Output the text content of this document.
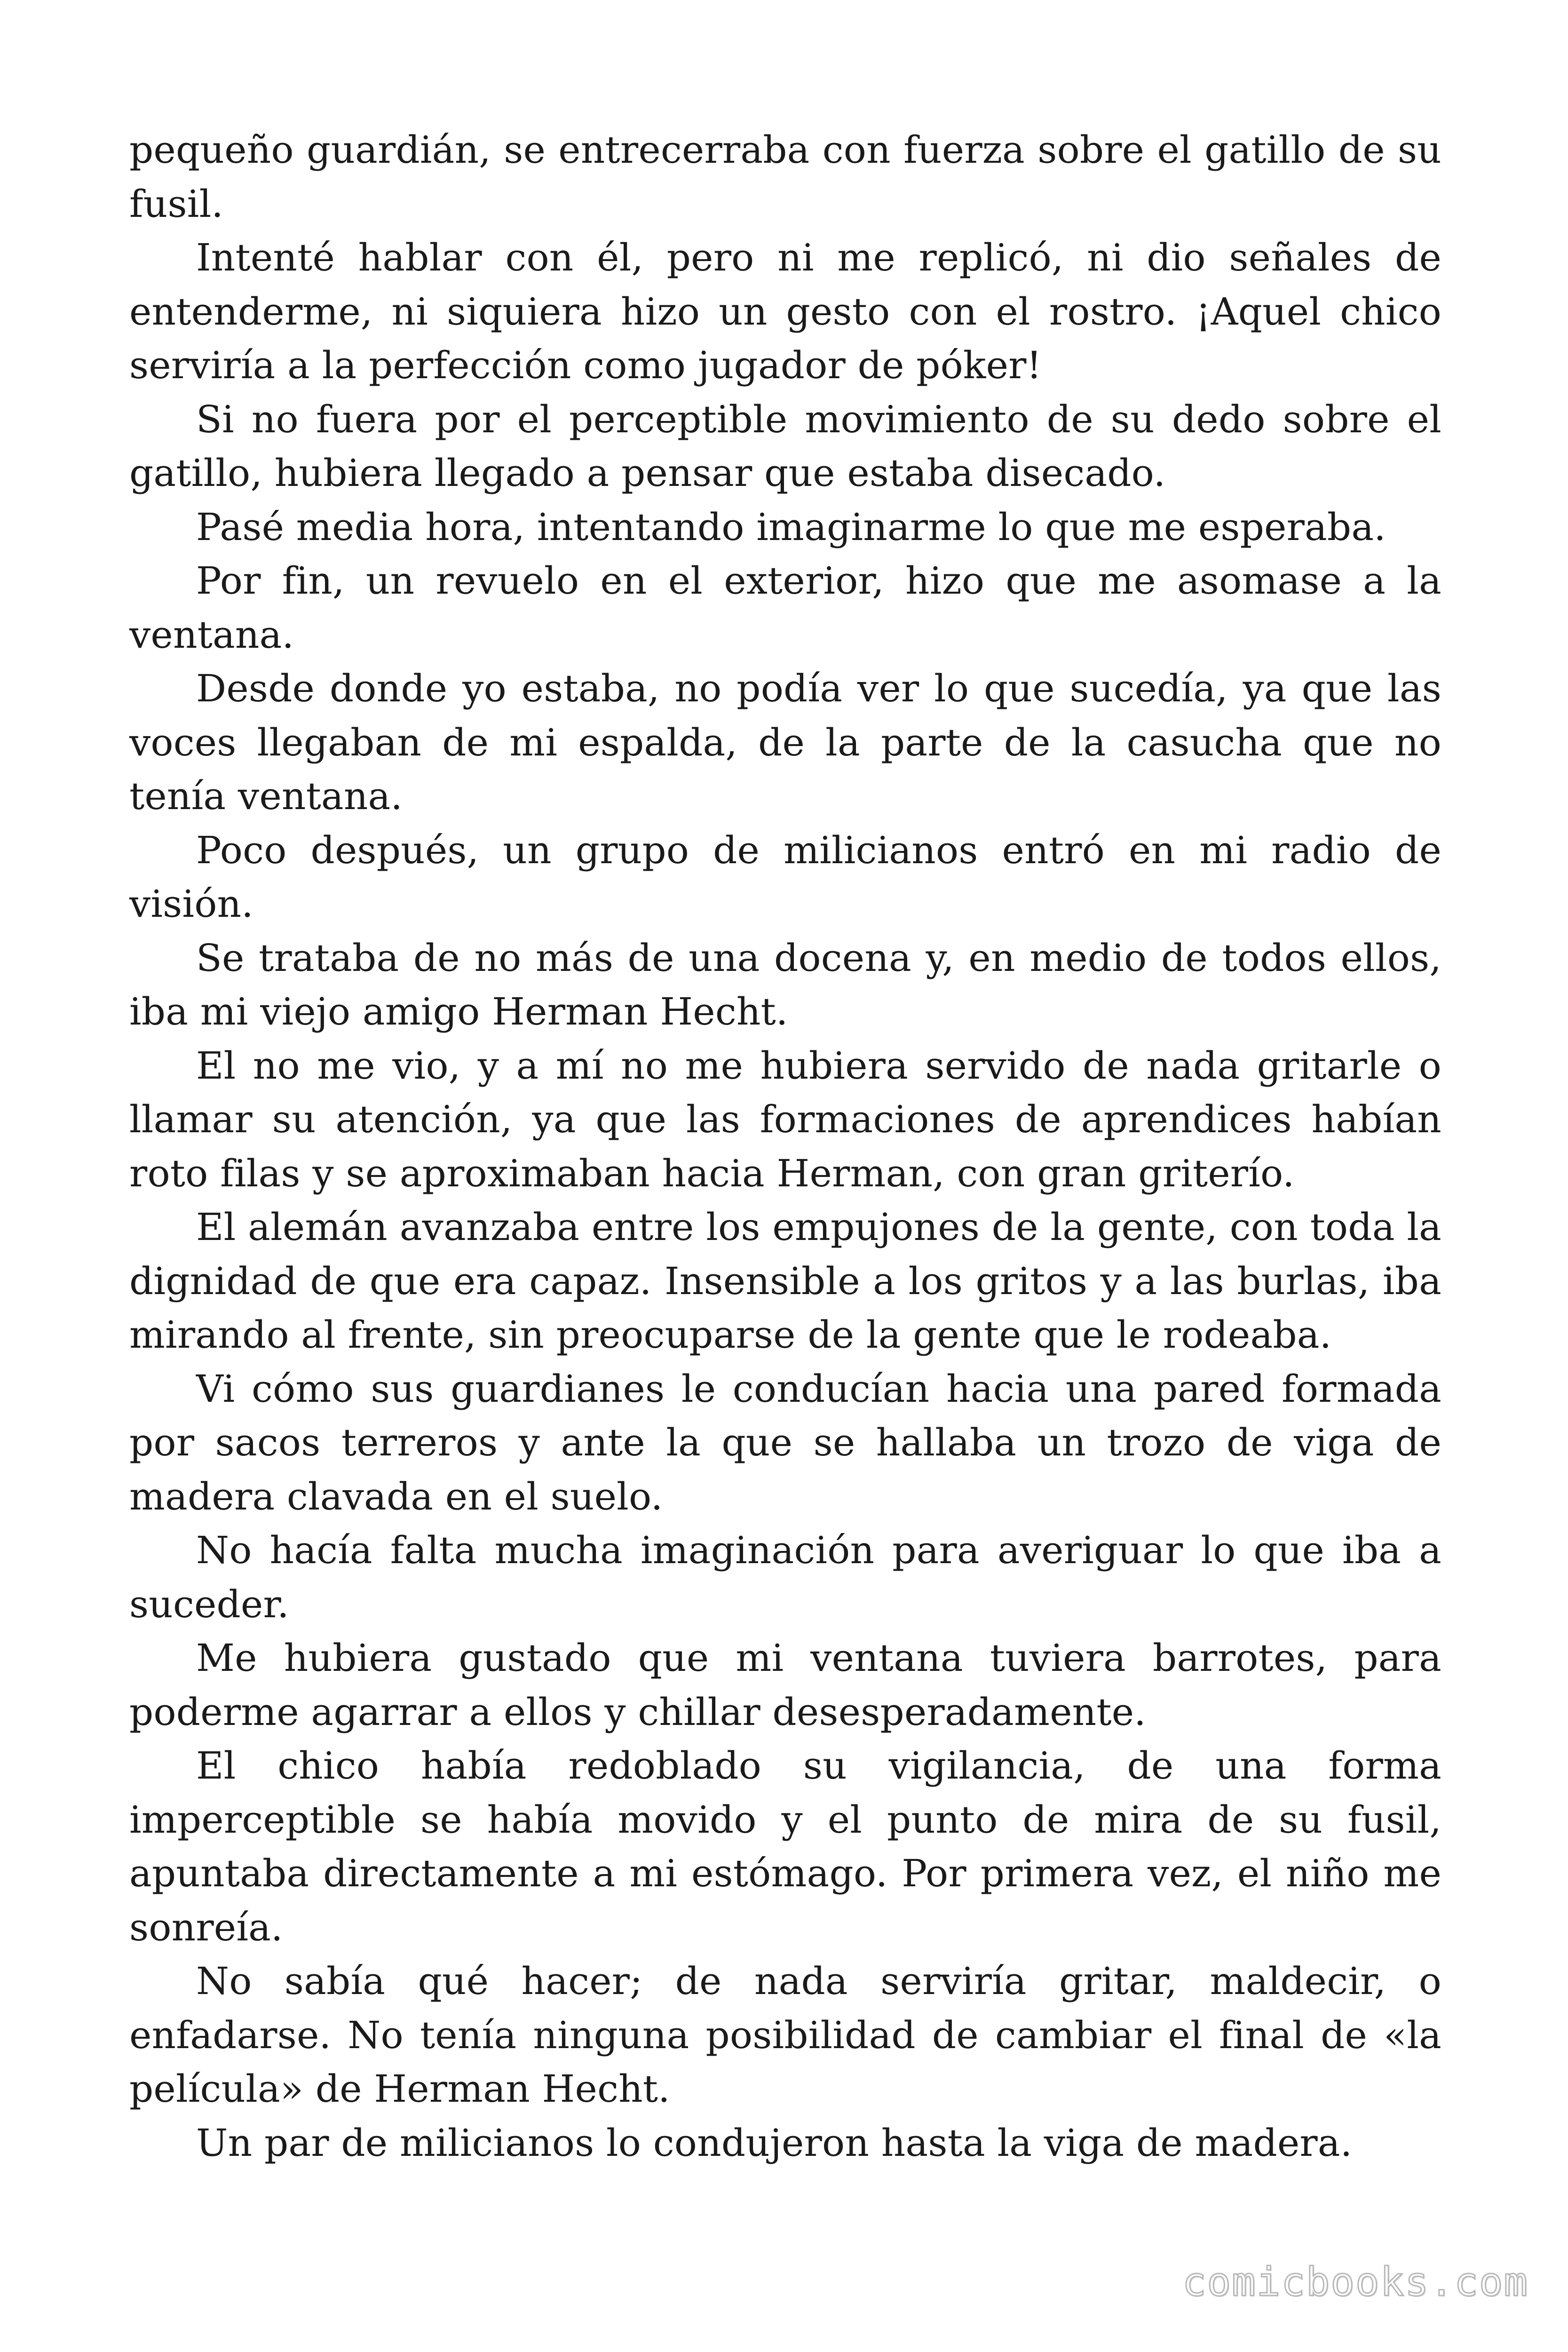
pequeño guardián, se entrecerraba con fuerza sobre el gatillo de su fusil.

Intenté hablar con él, pero ni me replicó, ni dio señales de entenderme, ni siquiera hizo un gesto con el rostro. ¡Aquel chico serviría a la perfección como jugador de póker!

Si no fuera por el perceptible movimiento de su dedo sobre el gatillo, hubiera llegado a pensar que estaba disecado.

Pasé media hora, intentando imaginarme lo que me esperaba.

Por fin, un revuelo en el exterior, hizo que me asomase a la ventana.

Desde donde yo estaba, no podía ver lo que sucedía, ya que las voces llegaban de mi espalda, de la parte de la casucha que no tenía ventana.

Poco después, un grupo de milicianos entró en mi radio de visión.

Se trataba de no más de una docena y, en medio de todos ellos, iba mi viejo amigo Herman Hecht.

El no me vio, y a mí no me hubiera servido de nada gritarle o llamar su atención, ya que las formaciones de aprendices habían roto filas y se aproximaban hacia Herman, con gran griterío.

El alemán avanzaba entre los empujones de la gente, con toda la dignidad de que era capaz. Insensible a los gritos y a las burlas, iba mirando al frente, sin preocuparse de la gente que le rodeaba.

Vi cómo sus guardianes le conducían hacia una pared formada por sacos terreros y ante la que se hallaba un trozo de viga de madera clavada en el suelo.

No hacía falta mucha imaginación para averiguar lo que iba a suceder.

Me hubiera gustado que mi ventana tuviera barrotes, para poderme agarrar a ellos y chillar desesperadamente.

El chico había redoblado su vigilancia, de una forma imperceptible se había movido y el punto de mira de su fusil, apuntaba directamente a mi estómago. Por primera vez, el niño me sonreía.

No sabía qué hacer; de nada serviría gritar, maldecir, o enfadarse. No tenía ninguna posibilidad de cambiar el final de «la película» de Herman Hecht.

Un par de milicianos lo condujeron hasta la viga de madera.

comicbooks.com
